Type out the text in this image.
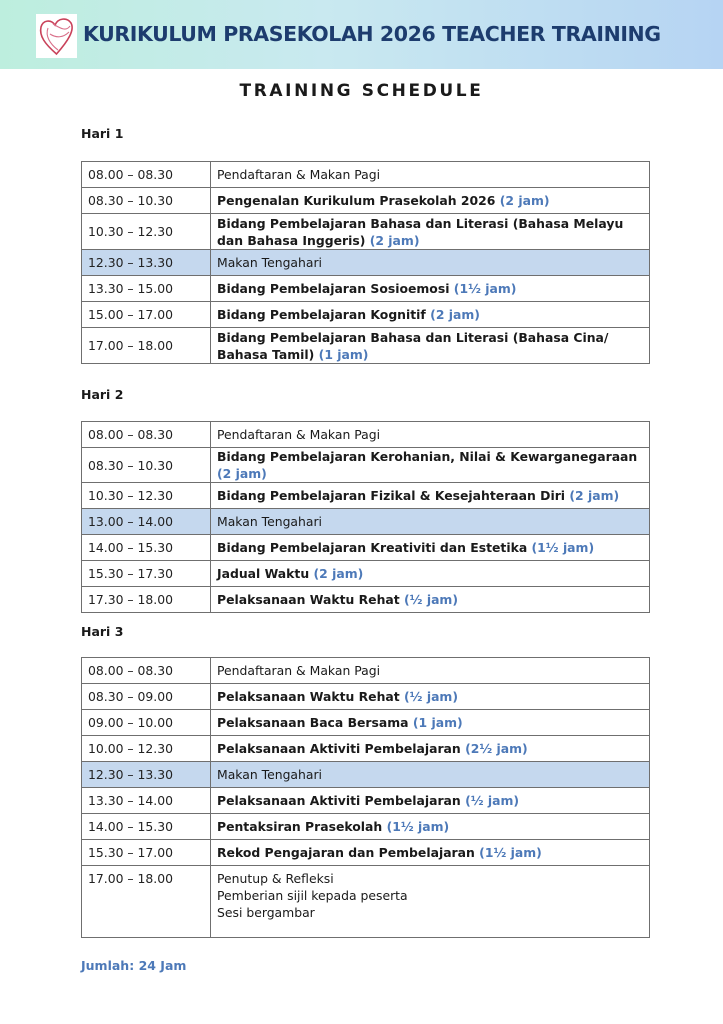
KURIKULUM PRASEKOLAH 2026 TEACHER TRAINING
TRAINING SCHEDULE
Hari 1
08.00 – 08.30	Pendaftaran & Makan Pagi
08.30 – 10.30	Pengenalan Kurikulum Prasekolah 2026 (2 jam)
10.30 – 12.30	Bidang Pembelajaran Bahasa dan Literasi (Bahasa Melayu dan Bahasa Inggeris) (2 jam)
12.30 – 13.30	Makan Tengahari
13.30 – 15.00	Bidang Pembelajaran Sosioemosi (1½ jam)
15.00 – 17.00	Bidang Pembelajaran Kognitif (2 jam)
17.00 – 18.00	Bidang Pembelajaran Bahasa dan Literasi (Bahasa Cina/ Bahasa Tamil) (1 jam)
Hari 2
08.00 – 08.30	Pendaftaran & Makan Pagi
08.30 – 10.30	Bidang Pembelajaran Kerohanian, Nilai & Kewarganegaraan (2 jam)
10.30 – 12.30	Bidang Pembelajaran Fizikal & Kesejahteraan Diri (2 jam)
13.00 – 14.00	Makan Tengahari
14.00 – 15.30	Bidang Pembelajaran Kreativiti dan Estetika (1½ jam)
15.30 – 17.30	Jadual Waktu (2 jam)
17.30 – 18.00	Pelaksanaan Waktu Rehat (½ jam)
Hari 3
08.00 – 08.30	Pendaftaran & Makan Pagi
08.30 – 09.00	Pelaksanaan Waktu Rehat (½ jam)
09.00 – 10.00	Pelaksanaan Baca Bersama (1 jam)
10.00 – 12.30	Pelaksanaan Aktiviti Pembelajaran (2½ jam)
12.30 – 13.30	Makan Tengahari
13.30 – 14.00	Pelaksanaan Aktiviti Pembelajaran (½ jam)
14.00 – 15.30	Pentaksiran Prasekolah (1½ jam)
15.30 – 17.00	Rekod Pengajaran dan Pembelajaran (1½ jam)
17.00 – 18.00	Penutup & Refleksi
Pemberian sijil kepada peserta
Sesi bergambar
Jumlah: 24 Jam
